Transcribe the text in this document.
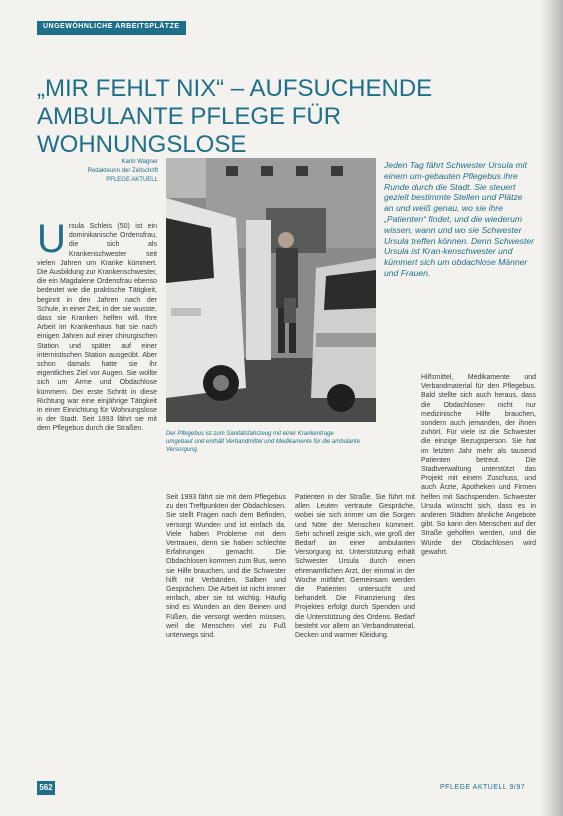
UNGEWÖHNLICHE ARBEITSPLÄTZE
„MIR FEHLT NIX“ – AUFSUCHENDE
AMBULANTE PFLEGE FÜR WOHNUNGSLOSE
Karin Wagner
Redakteurin der Zeitschrift
PFLEGE AKTUELL
Der Pflegebus ist zum Sanitätsfahrzeug mit einer Krankentrage umgebaut und enthält Verbandmittel und Medikamente für die ambulante Versorgung.
Jeden Tag fährt Schwester Ursula mit einem um-gebauten Pflegebus ihre Runde durch die Stadt. Sie steuert gezielt bestimmte Stellen und Plätze an und weiß genau, wo sie ihre „Patienten“ findet, und die wiederum wissen, wann und wo sie Schwester Ursula treffen können. Denn Schwester Ursula ist Kran-kenschwester und kümmert sich um obdachlose Männer und Frauen.
U rsula Schleis (50) ist ein dominikanische Ordensfrau, die sich als Krankenschwester seit vielen Jahren um Kranke kümmert. Die Ausbildung zur Krankenschwester, die ein Magdalene Ordensfrau ebenso bedeutet wie die praktische Tätigkeit, beginnt in den Jahren nach der Schule, in einer Zeit, in der sie wusste, dass sie Kranken helfen will. Ihre Arbeit im Krankenhaus hat sie nach einigen Jahren auf einer chirurgischen Station und später auf einer internistischen Station ausgeübt. Aber schon damals hatte sie ihr eigentliches Ziel vor Augen. Sie wollte sich um Arme und Obdachlose kümmern. Der erste Schritt in diese Richtung war eine einjährige Tätigkeit in einer Einrichtung für Wohnungslose in der Stadt. Seit 1993 fährt sie mit dem Pflegebus durch die Straßen.
Seit 1993 fährt sie mit dem Pflegebus zu den Treffpunkten der Obdachlosen. Sie stellt Fragen nach dem Befinden, versorgt Wunden und ist einfach da. Viele haben Probleme mit dem Vertrauen, denn sie haben schlechte Erfahrungen gemacht. Die Obdachlosen kommen zum Bus, wenn sie Hilfe brauchen, und die Schwester hilft mit Verbänden, Salben und Gesprächen. Die Arbeit ist nicht immer einfach, aber sie ist wichtig. Häufig sind es Wunden an den Beinen und Füßen, die versorgt werden müssen, weil die Menschen viel zu Fuß unterwegs sind.
Patienten in der Straße. Sie führt mit allen Leuten vertraute Gespräche, wobei sie sich immer um die Sorgen und Nöte der Menschen kümmert. Sehr schnell zeigte sich, wie groß der Bedarf an einer ambulanten Versorgung ist. Unterstützung erhält Schwester Ursula durch einen ehrenamtlichen Arzt, der einmal in der Woche mitfährt. Gemeinsam werden die Patienten untersucht und behandelt. Die Finanzierung des Projektes erfolgt durch Spenden und die Unterstützung des Ordens. Bedarf besteht vor allem an Verbandmaterial, Decken und warmer Kleidung.
Hilfsmittel, Medikamente und Verbandmaterial für den Pflegebus. Bald stellte sich auch heraus, dass die Obdachlosen nicht nur medizinische Hilfe brauchen, sondern auch jemanden, der ihnen zuhört. Für viele ist die Schwester die einzige Bezugsperson. Sie hat im letzten Jahr mehr als tausend Patienten betreut. Die Stadtverwaltung unterstützt das Projekt mit einem Zuschuss, und auch Ärzte, Apotheken und Firmen helfen mit Sachspenden. Schwester Ursula wünscht sich, dass es in anderen Städten ähnliche Angebote gibt. So kann den Menschen auf der Straße geholfen werden, und die Würde der Obdachlosen wird gewahrt.
562	PFLEGE AKTUELL 9/97
